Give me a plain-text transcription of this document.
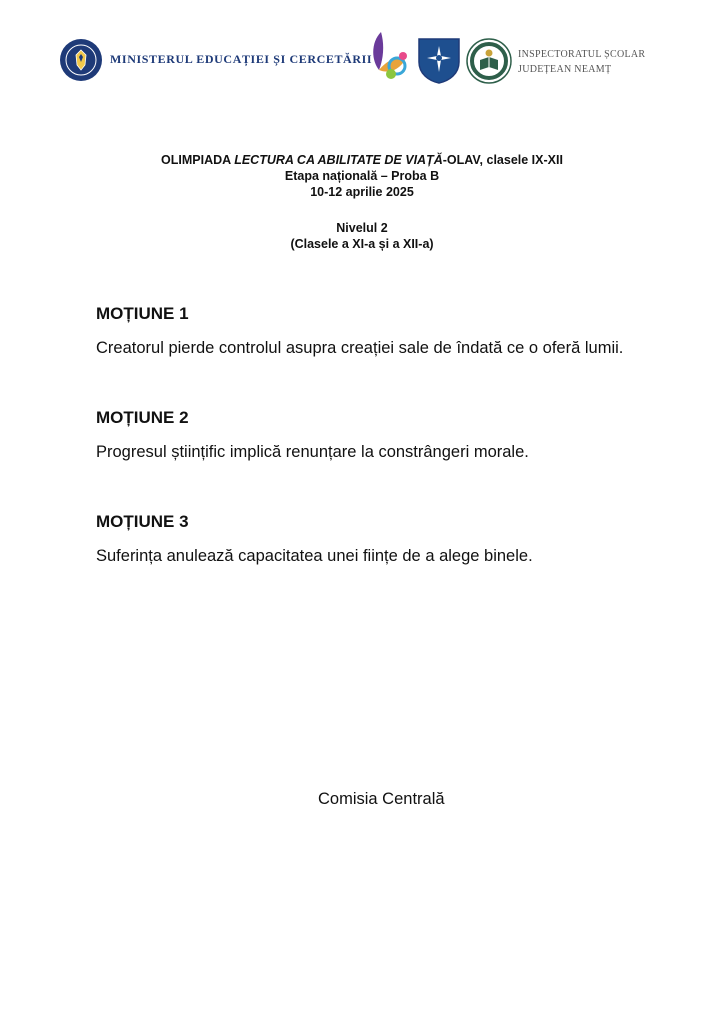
MINISTERUL EDUCAȚIEI ȘI CERCETĂRII	INSPECTORATUL ȘCOLAR
JUDEȚEAN NEAMȚ
OLIMPIADA LECTURA CA ABILITATE DE VIAȚĂ-OLAV, clasele IX-XII
Etapa națională – Proba B
10-12 aprilie 2025
Nivelul 2
(Clasele a XI-a și a XII-a)
MOȚIUNE 1
Creatorul pierde controlul asupra creației sale de îndată ce o oferă lumii.
MOȚIUNE 2
Progresul științific implică renunțare la constrângeri morale.
MOȚIUNE 3
Suferința anulează capacitatea unei ființe de a alege binele.
Comisia Centrală
